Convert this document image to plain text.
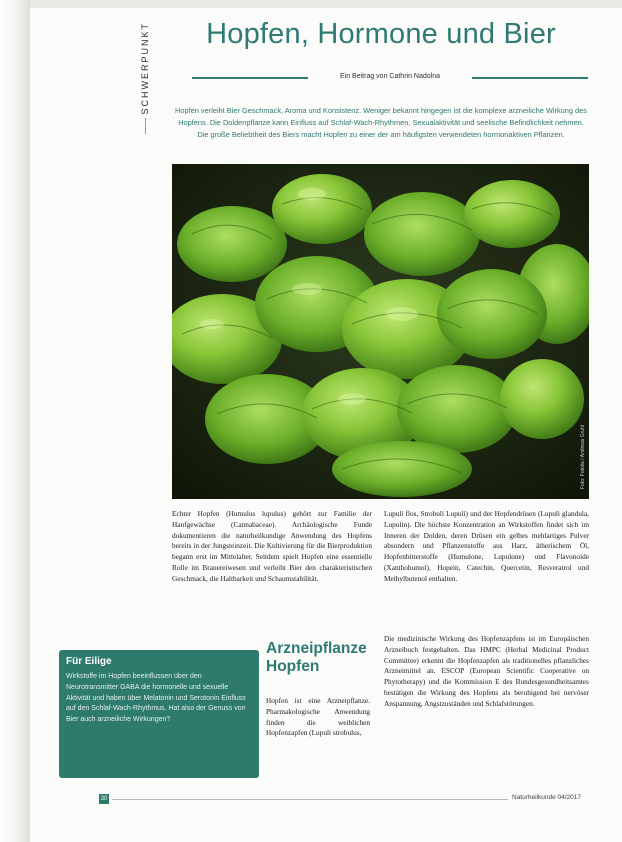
SCHWERPUNKT	Hopfen, Hormone und Bier
Ein Beitrag von Cathrin Nadolna

Hopfen verleiht Bier Geschmack, Aroma und Konsistenz. Weniger bekannt hingegen ist die komplexe arzneiliche Wirkung des Hopfens. Die Doldenpflanze kann Einfluss auf Schlaf-Wach-Rhythmen, Sexualaktivität und seelische Befindlichkeit nehmen. Die große Beliebtheit des Biers macht Hopfen zu einer der am häufigsten verwendeten hormonaktiven Pflanzen.

Foto: Fotolia / Andreas Gruhl

Echter Hopfen (Humulus lupulus) gehört zur Familie der Hanfgewächse (Cannabaceae). Archäologische Funde dokumentieren die naturheilkundige Anwendung des Hopfens bereits in der Jungsteinzeit. Die Kultivierung für die Bierproduktion begann erst im Mittelalter. Seitdem spielt Hopfen eine essentielle Rolle im Brauereiwesen und verleiht Bier den charakteristischen Geschmack, die Haltbarkeit und Schaumstabilität.

Lupuli flos, Strobuli Lupuli) und der Hopfendrüsen (Lupuli glandula, Lupulin). Die höchste Konzentration an Wirkstoffen findet sich im Inneren der Dolden, deren Drüsen ein gelbes mehlartiges Pulver absondern und Pflanzenstoffe aus Harz, ätherischem Öl, Hopfenbitterstoffe (Humulone, Lupulone) und Flavonoide (Xanthohumol), Hopein, Catechin, Quercetin, Resveratrol und Methylbutenol enthalten.

Die medizinische Wirkung des Hopfenzapfens ist im Europäischen Arzneibuch festgehalten. Das HMPC (Herbal Medicinal Product Committee) erkennt die Hopfenzapfen als traditionelles pflanzliches Arzneimittel an. ESCOP (European Scientific Cooperative on Phytotherapy) und die Kommission E des Bundesgesundheitsamtes bestätigen die Wirkung des Hopfens als beruhigend bei nervöser Anspannung, Angstzuständen und Schlafstörungen.

Arzneipflanze Hopfen

Hopfen ist eine Arzneipflanze. Pharmakologische Anwendung finden die weiblichen Hopfenzapfen (Lupuli strobulus,

Für Eilige

Wirkstoffe im Hopfen beeinflussen über den Neurotransmitter GABA die hormonelle und sexuelle Aktivität und haben über Melatonin und Serotonin Einfluss auf den Schlaf-Wach-Rhythmus. Hat also der Genuss von Bier auch arzneiliche Wirkungen?

30	Naturheilkunde 04/2017
